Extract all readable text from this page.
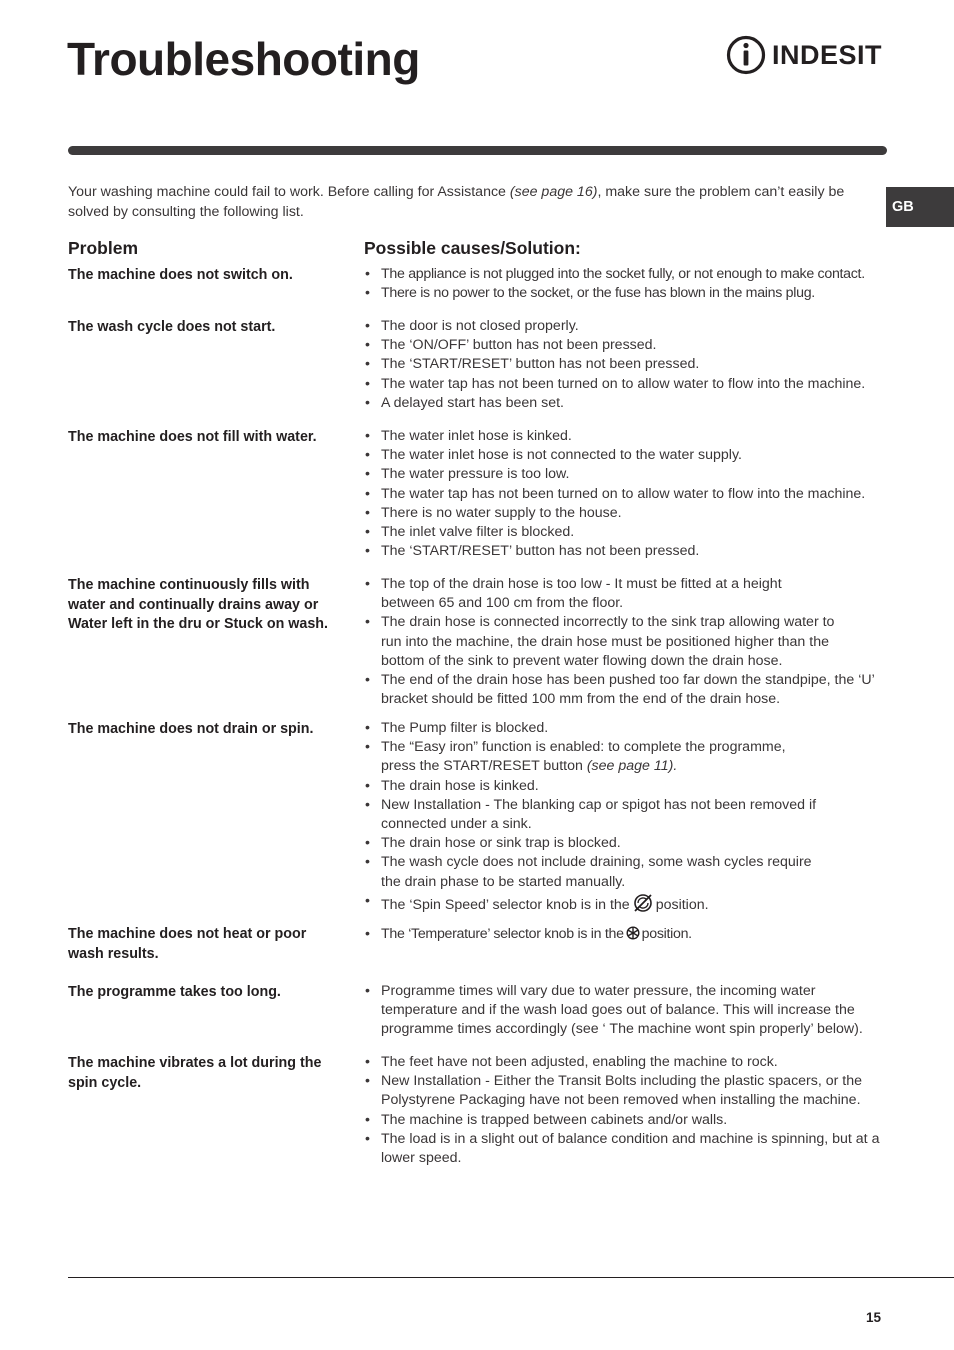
Troubleshooting	INDESIT
Your washing machine could fail to work. Before calling for Assistance (see page 16), make sure the problem can’t easily be solved by consulting the following list.	GB
Problem	Possible causes/Solution:
The machine does not switch on.	• The appliance is not plugged into the socket fully, or not enough to make contact.
• There is no power to the socket, or the fuse has blown in the mains plug.
The wash cycle does not start.	• The door is not closed properly.
• The ‘ON/OFF’ button has not been pressed.
• The ‘START/RESET’ button has not been pressed.
• The water tap has not been turned on to allow water to flow into the machine.
• A delayed start has been set.
The machine does not fill with water.	• The water inlet hose is kinked.
• The water inlet hose is not connected to the water supply.
• The water pressure is too low.
• The water tap has not been turned on to allow water to flow into the machine.
• There is no water supply to the house.
• The inlet valve filter is blocked.
• The ‘START/RESET’ button has not been pressed.
The machine continuously fills with water and continually drains away or Water left in the dru or Stuck on wash.
• The top of the drain hose is too low - It must be fitted at a height between 65 and 100 cm from the floor.
• The drain hose is connected incorrectly to the sink trap allowing water to run into the machine, the drain hose must be positioned higher than the bottom of the sink to prevent water flowing down the drain hose.
• The end of the drain hose has been pushed too far down the standpipe, the ‘U’ bracket should be fitted 100 mm from the end of the drain hose.
The machine does not drain or spin.	• The Pump filter is blocked.
• The “Easy iron” function is enabled: to complete the programme, press the START/RESET button (see page 11).
• The drain hose is kinked.
• New Installation - The blanking cap or spigot has not been removed if connected under a sink.
• The drain hose or sink trap is blocked.
• The wash cycle does not include draining, some wash cycles require the drain phase to be started manually.
• The ‘Spin Speed’ selector knob is in the position.
The machine does not heat or poor wash results.
• The ‘Temperature’ selector knob is in the position.
The programme takes too long.	• Programme times will vary due to water pressure, the incoming water temperature and if the wash load goes out of balance. This will increase the programme times accordingly (see ‘ The machine wont spin properly’ below).
The machine vibrates a lot during the spin cycle.
• The feet have not been adjusted, enabling the machine to rock.
• New Installation - Either the Transit Bolts including the plastic spacers, or the Polystyrene Packaging have not been removed when installing the machine.
• The machine is trapped between cabinets and/or walls.
• The load is in a slight out of balance condition and machine is spinning, but at a lower speed.
15
